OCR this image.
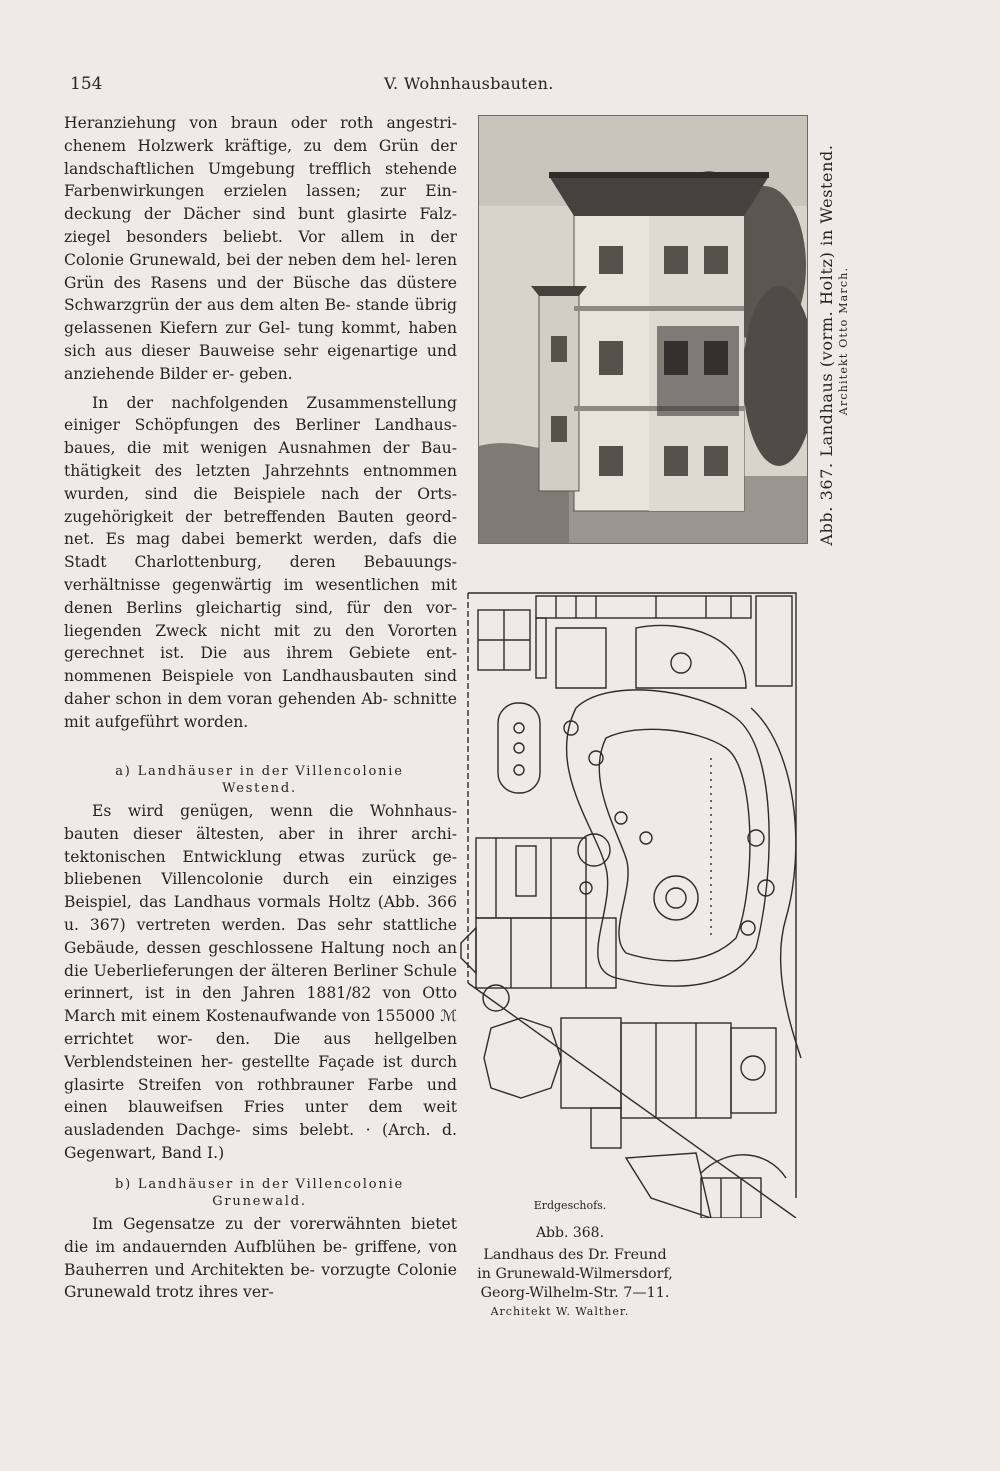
154	V. Wohnhausbauten.

Heranziehung von braun oder roth angestri- chenem Holzwerk kräftige, zu dem Grün der landschaftlichen Umgebung trefflich stehende Farbenwirkungen erzielen lassen; zur Ein- deckung der Dächer sind bunt glasirte Falz- ziegel besonders beliebt. Vor allem in der Colonie Grunewald, bei der neben dem hel- leren Grün des Rasens und der Büsche das düstere Schwarzgrün der aus dem alten Be- stande übrig gelassenen Kiefern zur Gel- tung kommt, haben sich aus dieser Bauweise sehr eigenartige und anziehende Bilder er- geben.

In der nachfolgenden Zusammenstellung einiger Schöpfungen des Berliner Landhaus- baues, die mit wenigen Ausnahmen der Bau- thätigkeit des letzten Jahrzehnts entnommen wurden, sind die Beispiele nach der Orts- zugehörigkeit der betreffenden Bauten geord- net. Es mag dabei bemerkt werden, dafs die Stadt Charlottenburg, deren Bebauungs- verhältnisse gegenwärtig im wesentlichen mit denen Berlins gleichartig sind, für den vor- liegenden Zweck nicht mit zu den Vororten gerechnet ist. Die aus ihrem Gebiete ent- nommenen Beispiele von Landhausbauten sind daher schon in dem voran gehenden Ab- schnitte mit aufgeführt worden.

a) Landhäuser in der Villencolonie
Westend.

Es wird genügen, wenn die Wohnhaus- bauten dieser ältesten, aber in ihrer archi- tektonischen Entwicklung etwas zurück ge- bliebenen Villencolonie durch ein einziges Beispiel, das Landhaus vormals Holtz (Abb. 366 u. 367) vertreten werden. Das sehr stattliche Gebäude, dessen geschlossene Haltung noch an die Ueberlieferungen der älteren Berliner Schule erinnert, ist in den Jahren 1881/82 von Otto March mit einem Kostenaufwande von 155000 ℳ errichtet wor- den. Die aus hellgelben Verblendsteinen her- gestellte Façade ist durch glasirte Streifen von rothbrauner Farbe und einen blauweifsen Fries unter dem weit ausladenden Dachge- sims belebt. · (Arch. d. Gegenwart, Band I.)

b) Landhäuser in der Villencolonie
Grunewald.

Im Gegensatze zu der vorerwähnten bietet die im andauernden Aufblühen be- griffene, von Bauherren und Architekten be- vorzugte Colonie Grunewald trotz ihres ver-

Abb. 367. Landhaus (vorm. Holtz) in Westend. Architekt Otto March.
Erdgeschofs.
Abb. 368.
Landhaus des Dr. Freund
in Grunewald-Wilmersdorf,
Georg-Wilhelm-Str. 7—11.
Architekt W. Walther.
